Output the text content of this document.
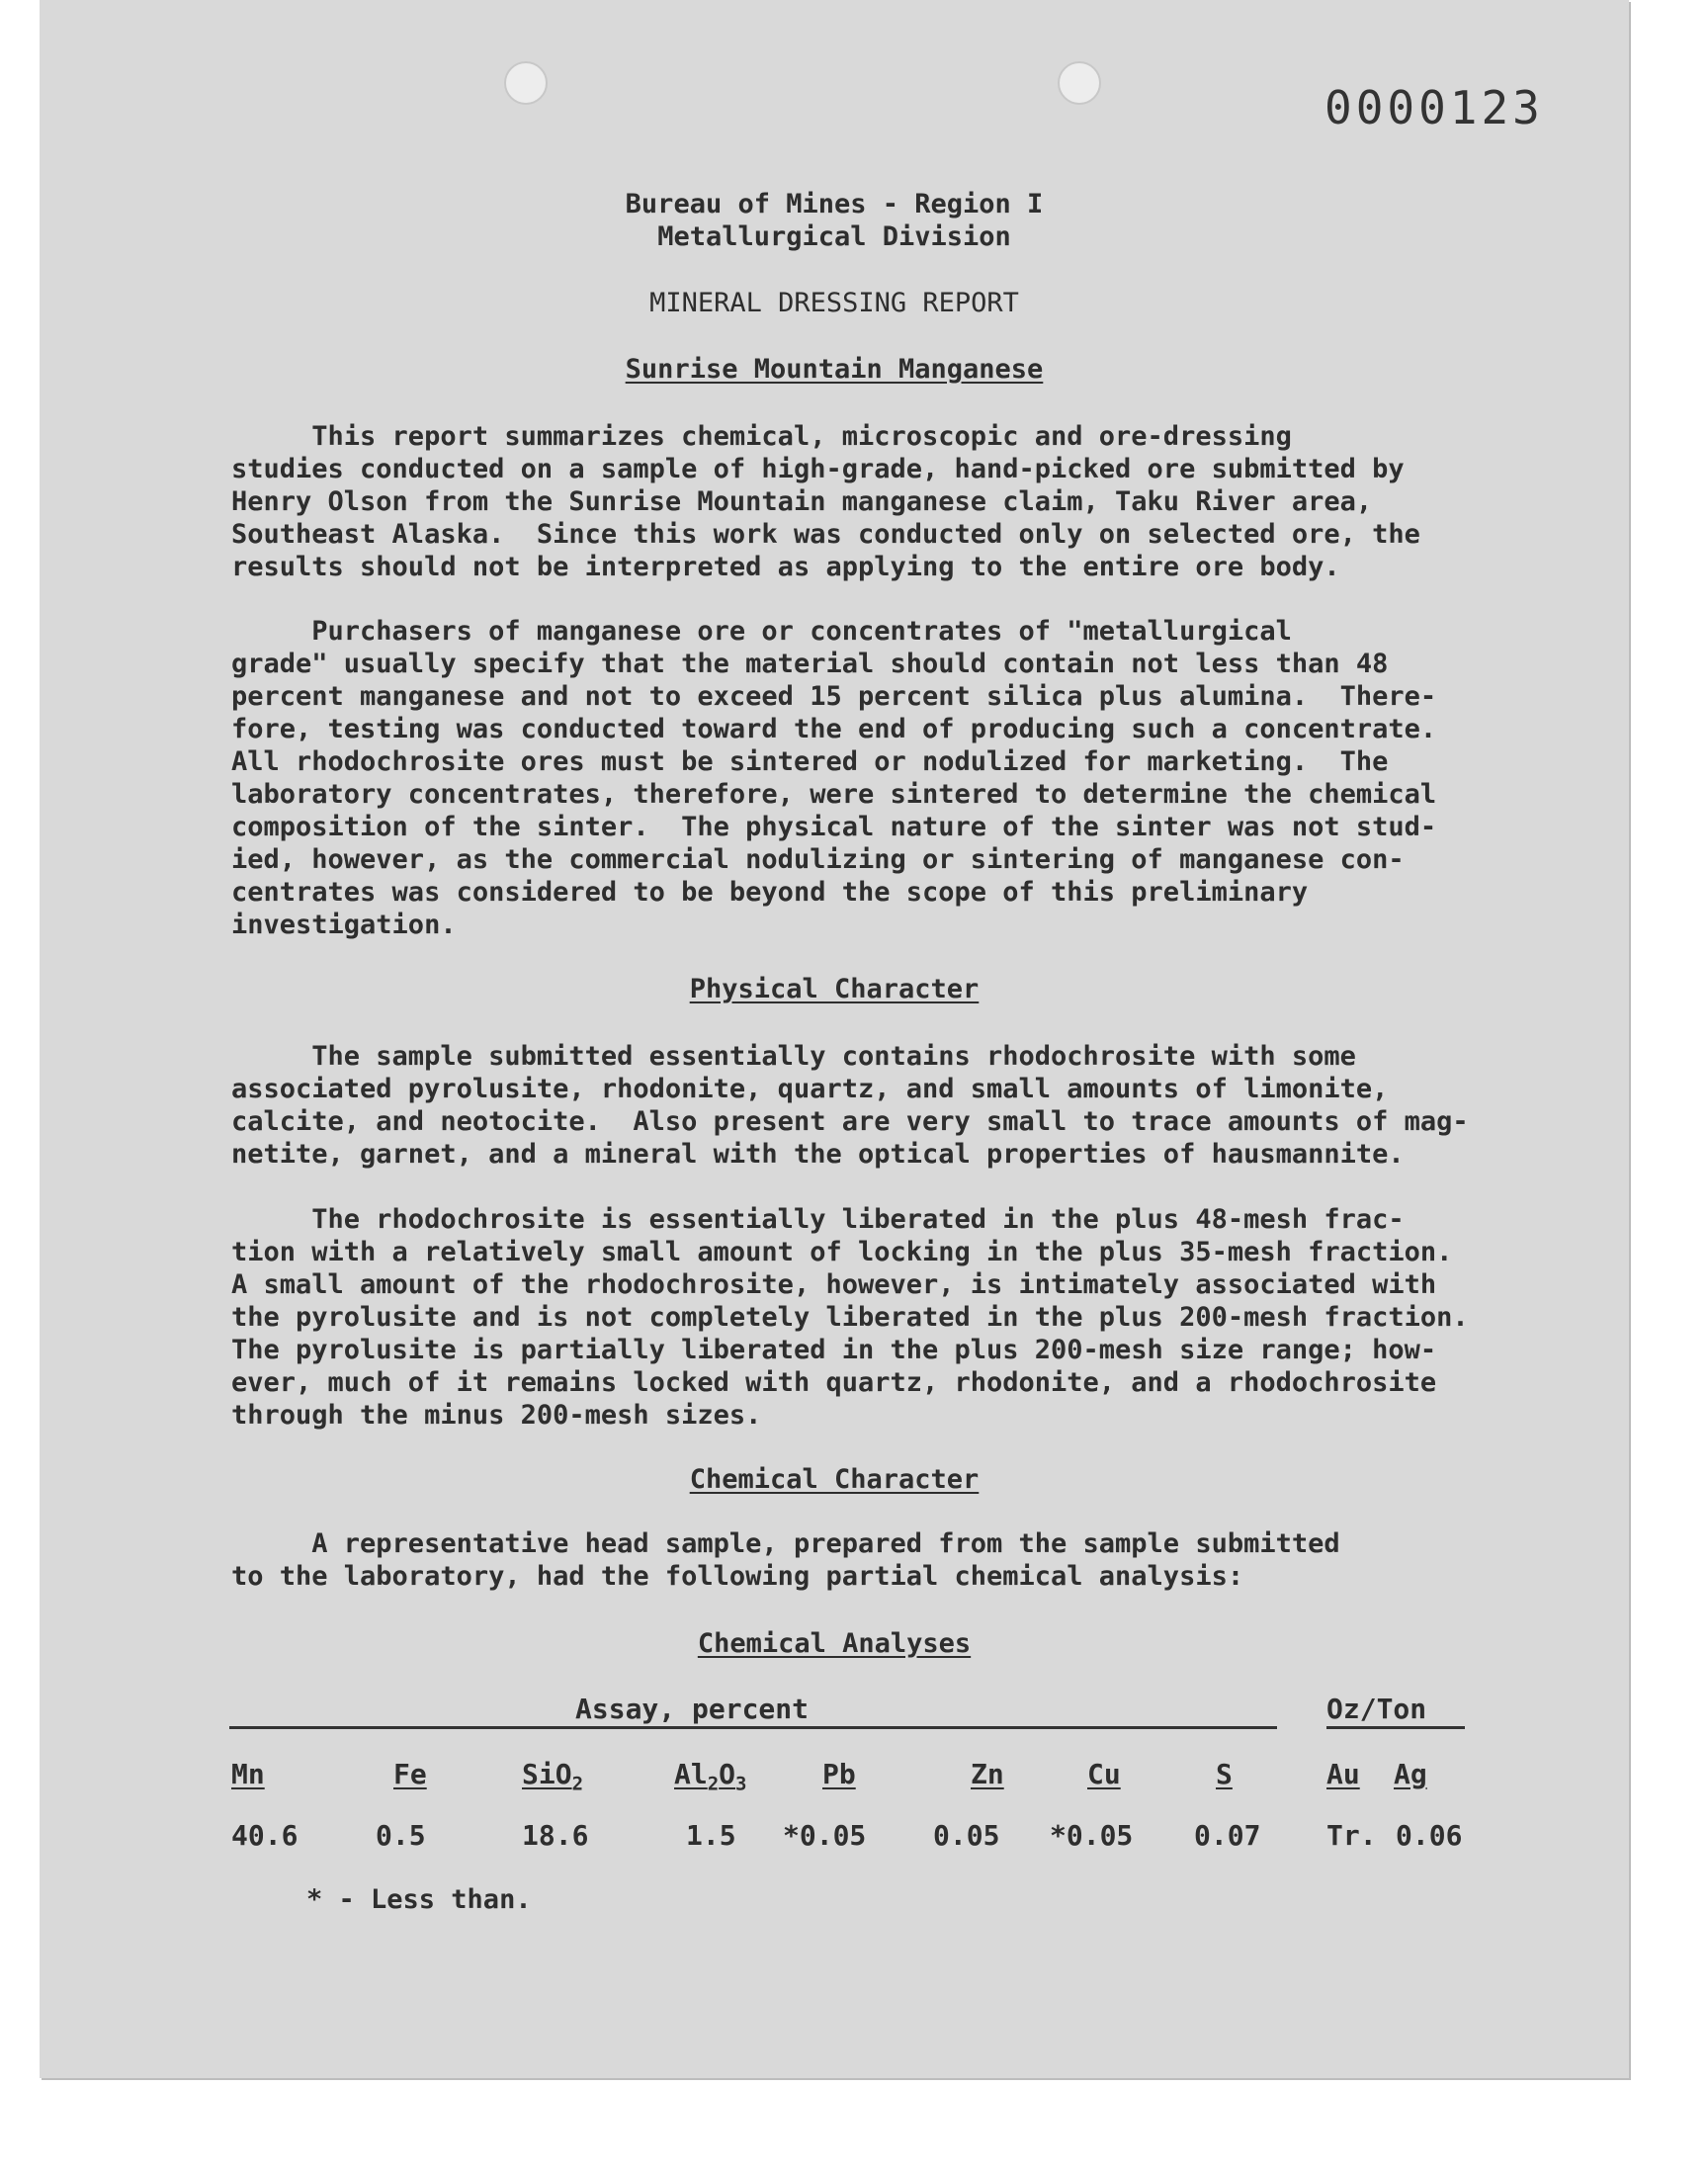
0000123
Bureau of Mines - Region I
Metallurgical Division
MINERAL DRESSING REPORT
Sunrise Mountain Manganese
This report summarizes chemical, microscopic and ore-dressing
studies conducted on a sample of high-grade, hand-picked ore submitted by
Henry Olson from the Sunrise Mountain manganese claim, Taku River area,
Southeast Alaska.  Since this work was conducted only on selected ore, the
results should not be interpreted as applying to the entire ore body.
Purchasers of manganese ore or concentrates of "metallurgical
grade" usually specify that the material should contain not less than 48
percent manganese and not to exceed 15 percent silica plus alumina.  There-
fore, testing was conducted toward the end of producing such a concentrate.
All rhodochrosite ores must be sintered or nodulized for marketing.  The
laboratory concentrates, therefore, were sintered to determine the chemical
composition of the sinter.  The physical nature of the sinter was not stud-
ied, however, as the commercial nodulizing or sintering of manganese con-
centrates was considered to be beyond the scope of this preliminary
investigation.
Physical Character
The sample submitted essentially contains rhodochrosite with some
associated pyrolusite, rhodonite, quartz, and small amounts of limonite,
calcite, and neotocite.  Also present are very small to trace amounts of mag-
netite, garnet, and a mineral with the optical properties of hausmannite.
The rhodochrosite is essentially liberated in the plus 48-mesh frac-
tion with a relatively small amount of locking in the plus 35-mesh fraction.
A small amount of the rhodochrosite, however, is intimately associated with
the pyrolusite and is not completely liberated in the plus 200-mesh fraction.
The pyrolusite is partially liberated in the plus 200-mesh size range; how-
ever, much of it remains locked with quartz, rhodonite, and a rhodochrosite
through the minus 200-mesh sizes.
Chemical Character
A representative head sample, prepared from the sample submitted
to the laboratory, had the following partial chemical analysis:
Chemical Analyses
Assay, percent	Oz/Ton
Mn	Fe	SiO$_2$	$Al_2O_3$	Pb	Zn	Cu	S	Au Ag
40.6	0.5	18.6	1.5 *0.05 0.05 *0.05 0.07 Tr. 0.06
* - Less than.
